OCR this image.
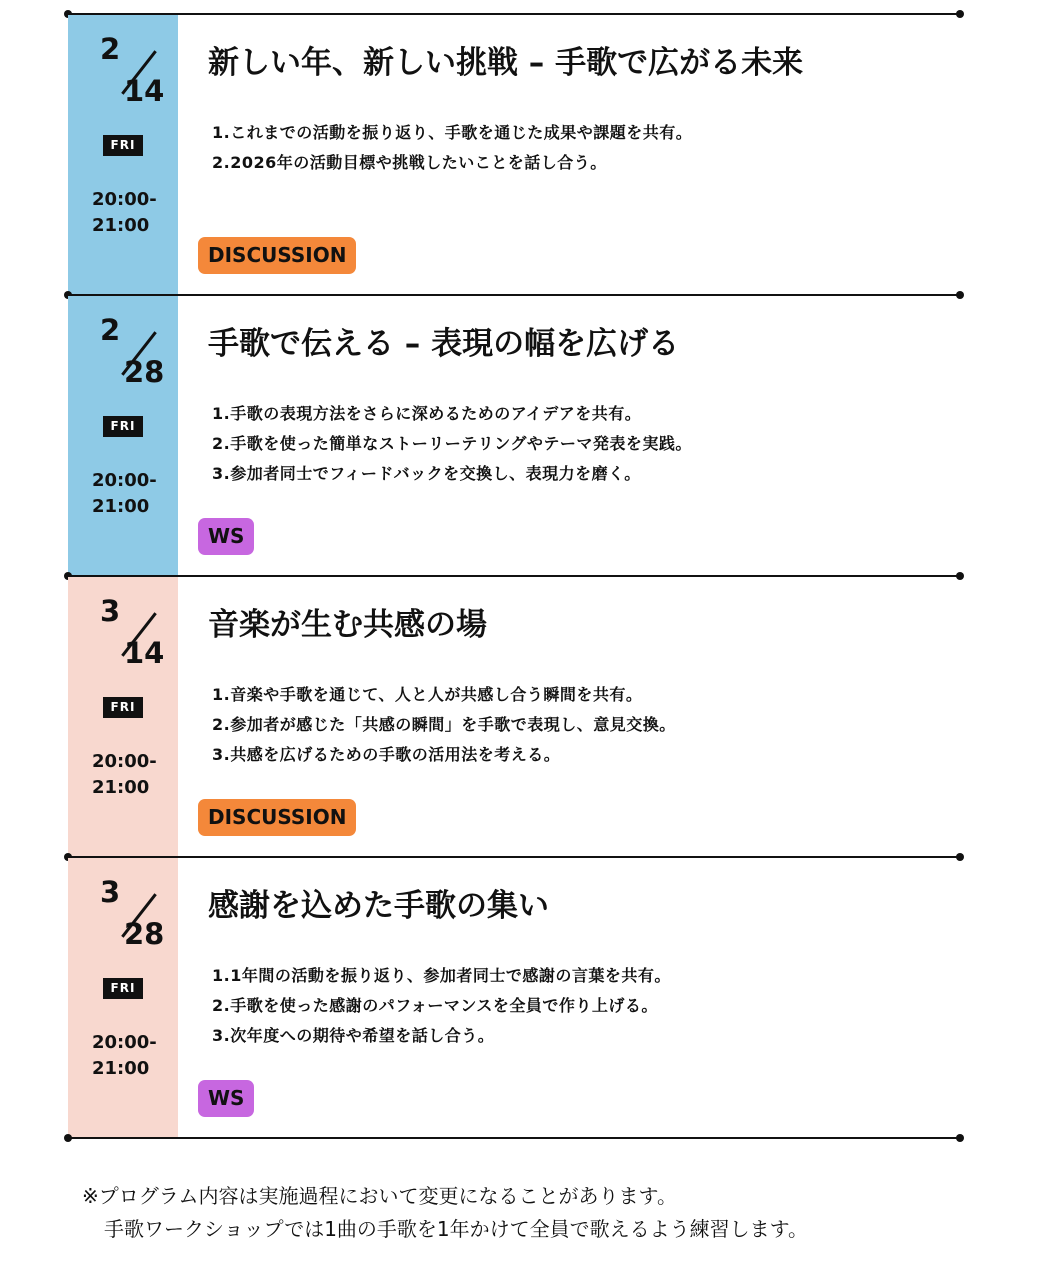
2
14
FRI
20:00-
21:00
新しい年、新しい挑戦 – 手歌で広がる未来
1.これまでの活動を振り返り、手歌を通じた成果や課題を共有。
2.2026年の活動目標や挑戦したいことを話し合う。
DISCUSSION
2
28
FRI
20:00-
21:00
手歌で伝える – 表現の幅を広げる
1.手歌の表現方法をさらに深めるためのアイデアを共有。
2.手歌を使った簡単なストーリーテリングやテーマ発表を実践。
3.参加者同士でフィードバックを交換し、表現力を磨く。
WS
3
14
FRI
20:00-
21:00
音楽が生む共感の場
1.音楽や手歌を通じて、人と人が共感し合う瞬間を共有。
2.参加者が感じた「共感の瞬間」を手歌で表現し、意見交換。
3.共感を広げるための手歌の活用法を考える。
DISCUSSION
3
28
FRI
20:00-
21:00
感謝を込めた手歌の集い
1.1年間の活動を振り返り、参加者同士で感謝の言葉を共有。
2.手歌を使った感謝のパフォーマンスを全員で作り上げる。
3.次年度への期待や希望を話し合う。
WS
※プログラム内容は実施過程において変更になることがあります。
手歌ワークショップでは1曲の手歌を1年かけて全員で歌えるよう練習します。
